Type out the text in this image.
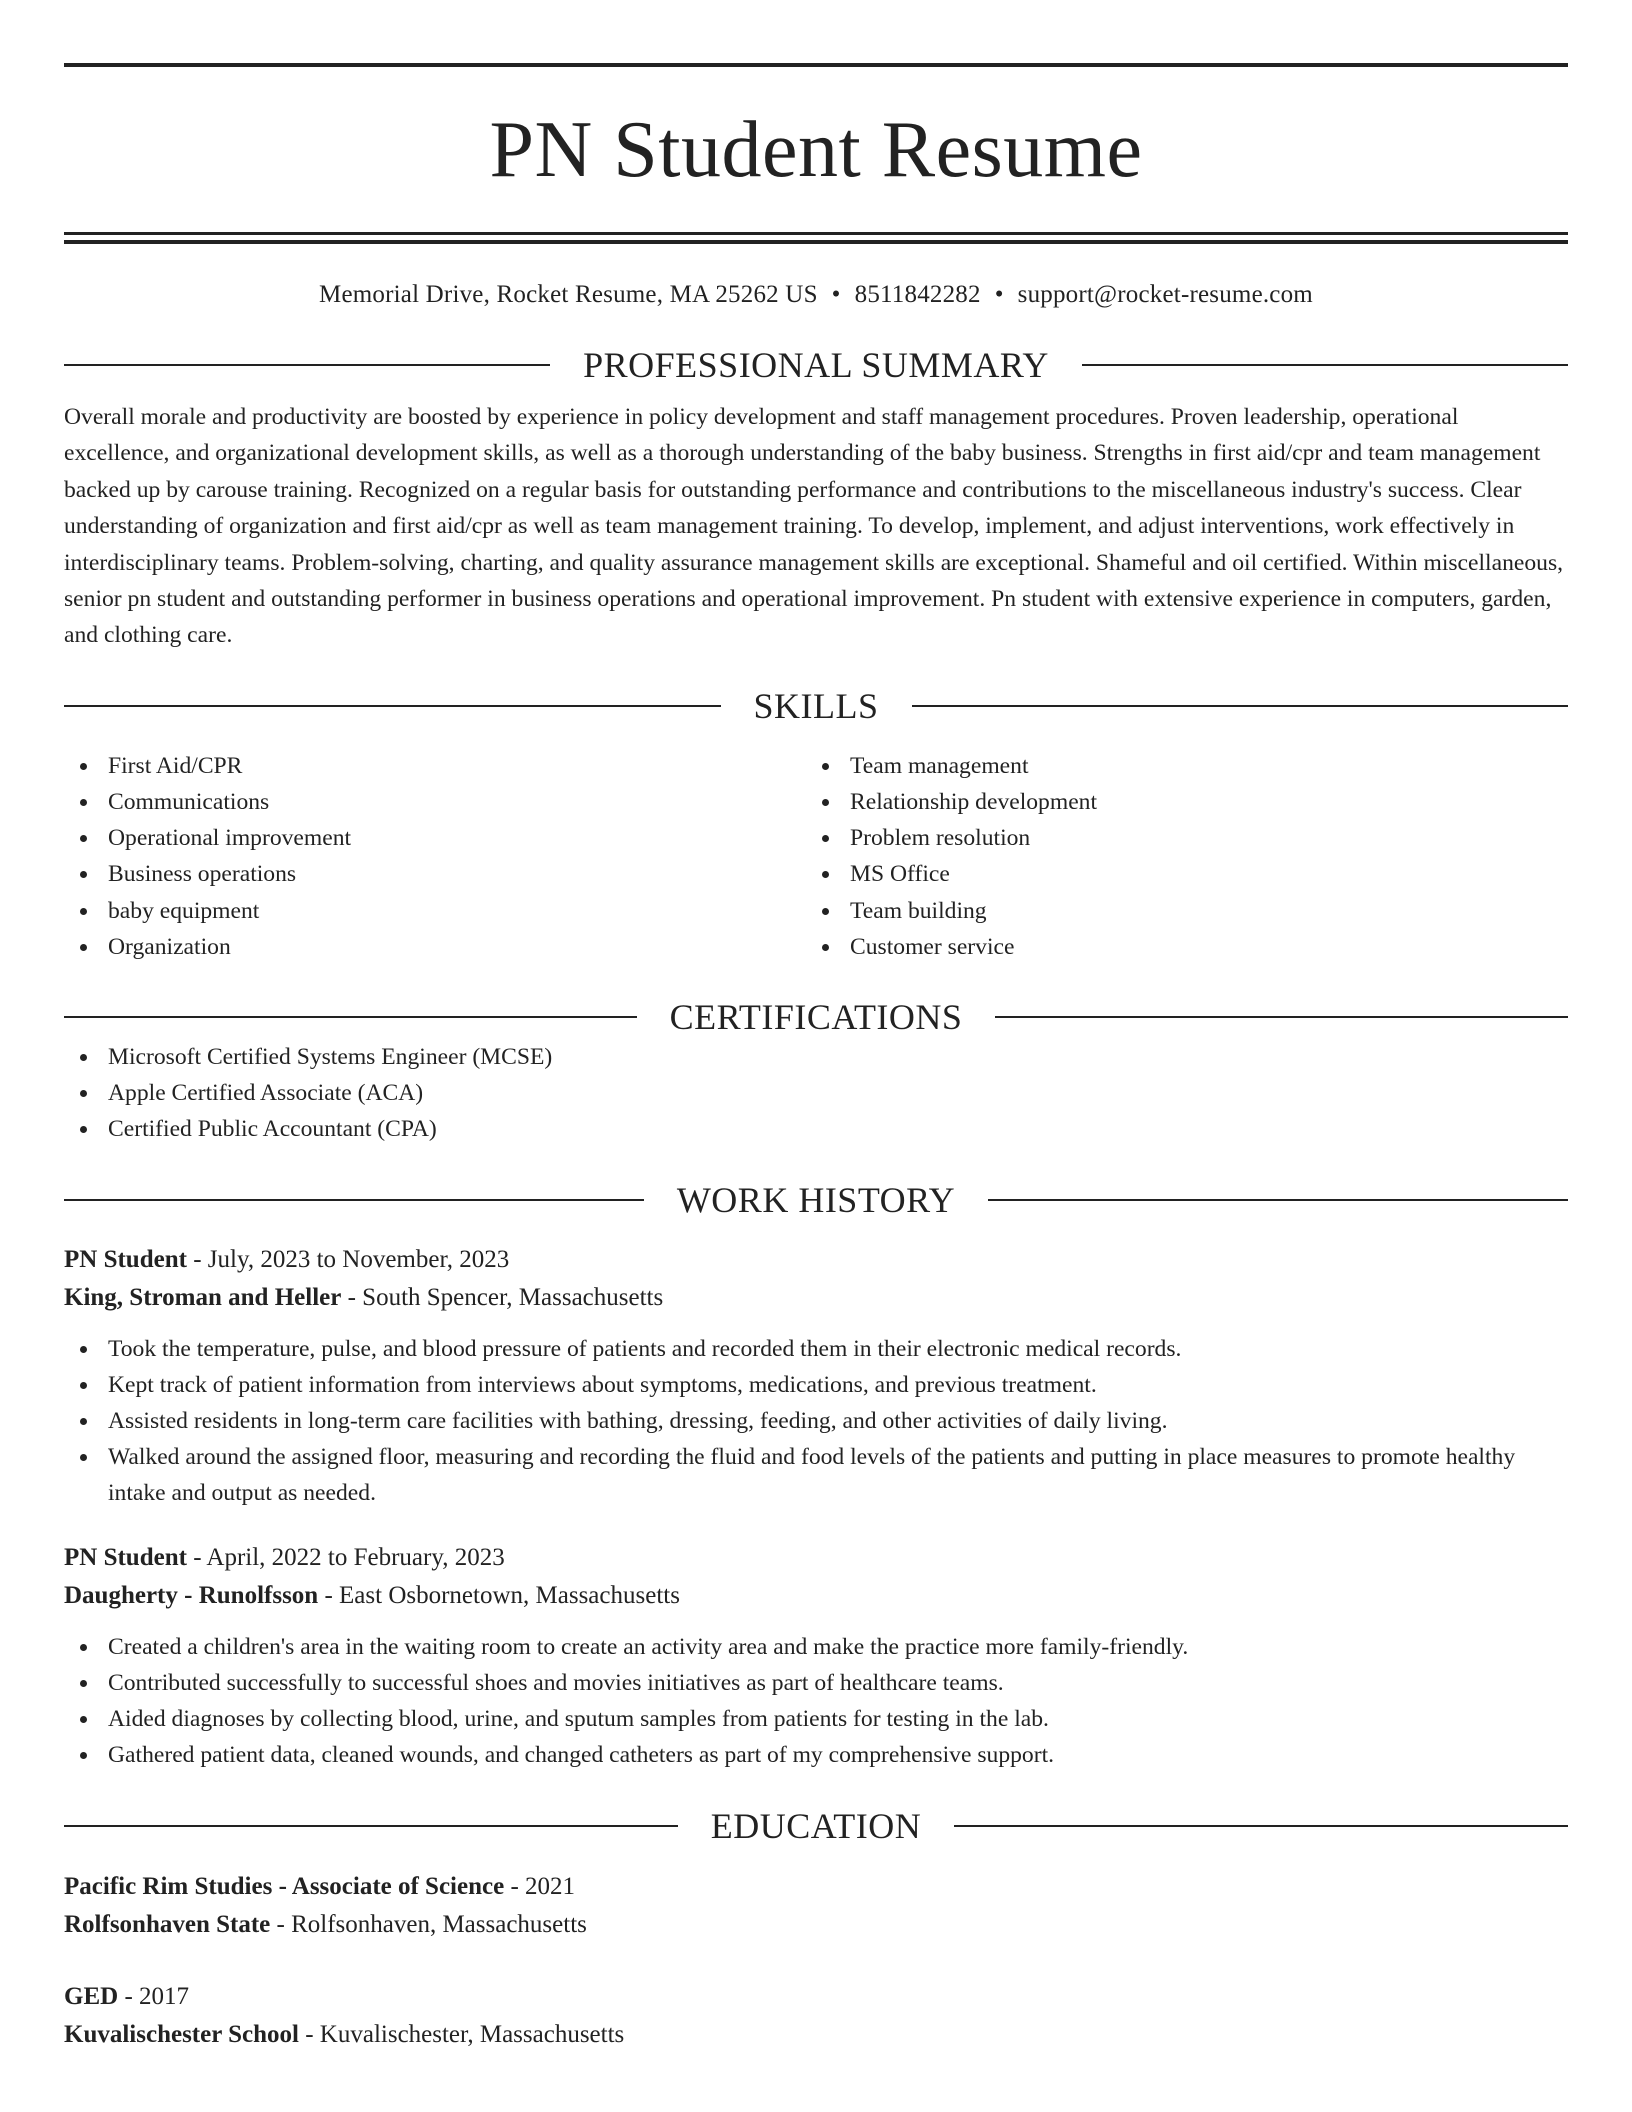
PN Student Resume
Memorial Drive, Rocket Resume, MA 25262 US • 8511842282 • support@rocket-resume.com
PROFESSIONAL SUMMARY

Overall morale and productivity are boosted by experience in policy development and staff management procedures. Proven leadership, operational excellence, and organizational development skills, as well as a thorough understanding of the baby business. Strengths in first aid/cpr and team management backed up by carouse training. Recognized on a regular basis for outstanding performance and contributions to the miscellaneous industry's success. Clear understanding of organization and first aid/cpr as well as team management training. To develop, implement, and adjust interventions, work effectively in interdisciplinary teams. Problem-solving, charting, and quality assurance management skills are exceptional. Shameful and oil certified. Within miscellaneous, senior pn student and outstanding performer in business operations and operational improvement. Pn student with extensive experience in computers, garden, and clothing care.

SKILLS
First Aid/CPR
Communications
Operational improvement
Business operations
baby equipment
Organization
Team management
Relationship development
Problem resolution
MS Office
Team building
Customer service
CERTIFICATIONS
Microsoft Certified Systems Engineer (MCSE)
Apple Certified Associate (ACA)
Certified Public Accountant (CPA)
WORK HISTORY
PN Student - July, 2023 to November, 2023
King, Stroman and Heller - South Spencer, Massachusetts
Took the temperature, pulse, and blood pressure of patients and recorded them in their electronic medical records.
Kept track of patient information from interviews about symptoms, medications, and previous treatment.
Assisted residents in long-term care facilities with bathing, dressing, feeding, and other activities of daily living.
Walked around the assigned floor, measuring and recording the fluid and food levels of the patients and putting in place measures to promote healthy intake and output as needed.
PN Student - April, 2022 to February, 2023
Daugherty - Runolfsson - East Osbornetown, Massachusetts
Created a children's area in the waiting room to create an activity area and make the practice more family-friendly.
Contributed successfully to successful shoes and movies initiatives as part of healthcare teams.
Aided diagnoses by collecting blood, urine, and sputum samples from patients for testing in the lab.
Gathered patient data, cleaned wounds, and changed catheters as part of my comprehensive support.
EDUCATION
Pacific Rim Studies - Associate of Science - 2021
Rolfsonhaven State - Rolfsonhaven, Massachusetts
GED - 2017
Kuvalischester School - Kuvalischester, Massachusetts
